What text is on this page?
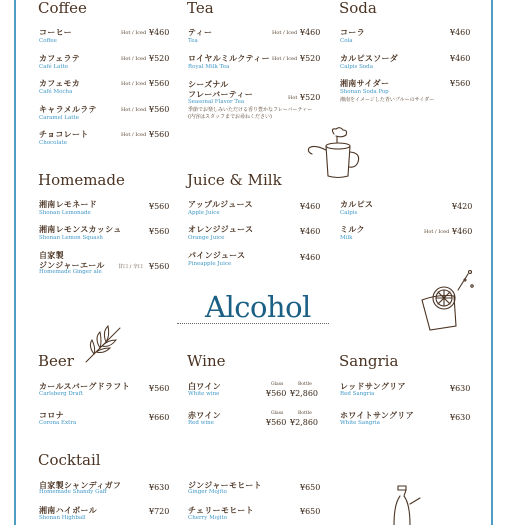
Coffee
コーヒー
Coffee
Hot / Iced ¥460
カフェラテ
Café Latte
Hot / Iced ¥520
カフェモカ
Café Mocha
Hot / Iced ¥560
キャラメルラテ
Caramel Latte
Hot / Iced ¥560
チョコレート
Chocolate
Hot / Iced ¥560
Tea
ティー
Tea
Hot / Iced ¥460
ロイヤルミルクティー
Royal Milk Tea
Hot / Iced ¥520
シーズナル
フレーバーティー
Seasonal Flavor Tea
季節でお楽しみいただける香り豊かなフレーバーティー
(内容はスタッフまでお尋ねください)
Hot ¥520
Soda
コーラ
Cola
¥460
カルピスソーダ
Calpis Soda
¥460
湘南サイダー
Shonan Soda Pop
湘南をイメージした青いブルーのサイダー
¥560
Homemade
湘南レモネード
Shonan Lemonade
¥560
湘南レモンスカッシュ
Shonan Lemon Squash
¥560
自家製
ジンジャーエール
Homemade Ginger ale
甘口 / 辛口 ¥560
Juice & Milk
アップルジュース
Apple Juice
¥460
オレンジジュース
Orange Juice
¥460
パインジュース
Pineapple Juice
¥460
カルピス
Calpis
¥420
ミルク
Milk
Hot / Iced ¥460
Alcohol
Beer
カールスバーグドラフト
Carlsberg Draft
¥560
コロナ
Corona Extra
¥660
Wine
白ワイン
White wine
Glass	Bottle
¥560 ¥2,860
赤ワイン
Red wine
Glass	Bottle
¥560 ¥2,860
Sangria
レッドサングリア
Red Sangria
¥630
ホワイトサングリア
White Sangria
¥630
Cocktail
自家製シャンディガフ
Homemade Shandy Gaff	¥630
湘南ハイボール
Shonan Highball
¥720
ジンジャーモヒート
Ginger Mojito	¥650
チェリーモヒート
Cherry Mojito
¥650
